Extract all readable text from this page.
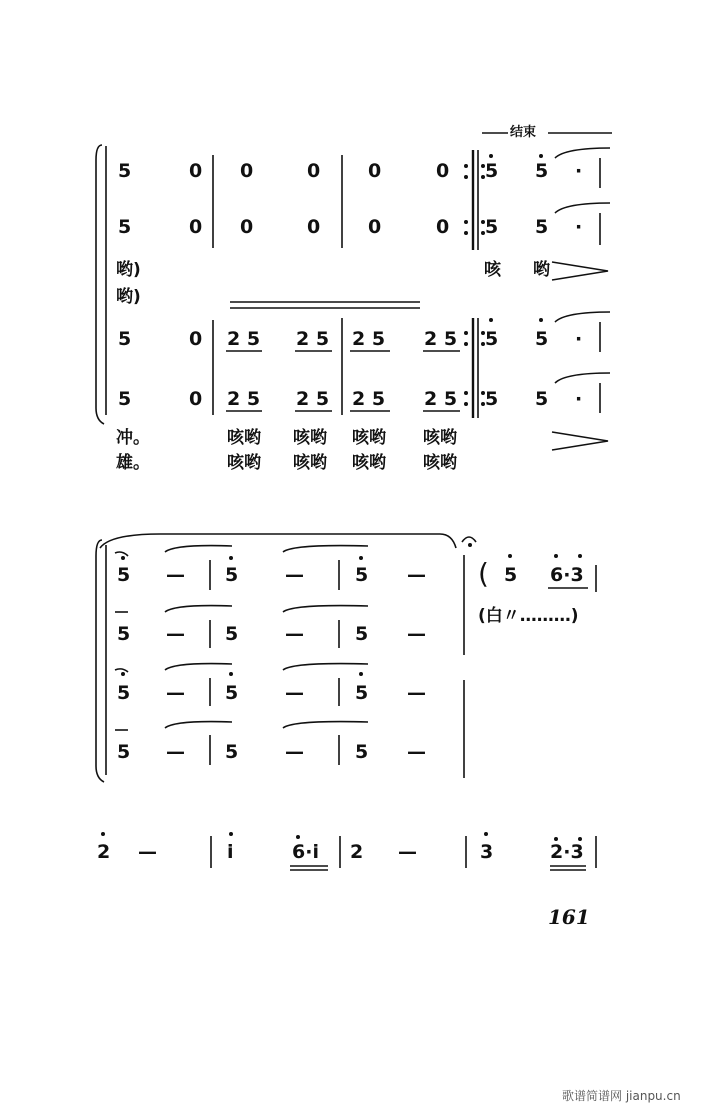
结束
5	0 0	0	0	0 5 5 ·
5	0 0	0	0	0 5 5 ·
哟)	咳 哟
哟)
5	0 2 5 2 5 2 5 2 5 5 5 ·
5	0 2 5 2 5 2 5 2 5 5 5 ·
冲。	咳哟 咳哟 咳哟 咳哟
雄。	咳哟 咳哟 咳哟 咳哟
5 — 5 —	5 —
5 — 5 —	5 —
5 — 5 —	5 —
5 — 5 —	5 —
( 5 6·3
(白〃………)
2 —	i	6·i 2 —	3	2·3
161
歌谱简谱网 jianpu.cn
